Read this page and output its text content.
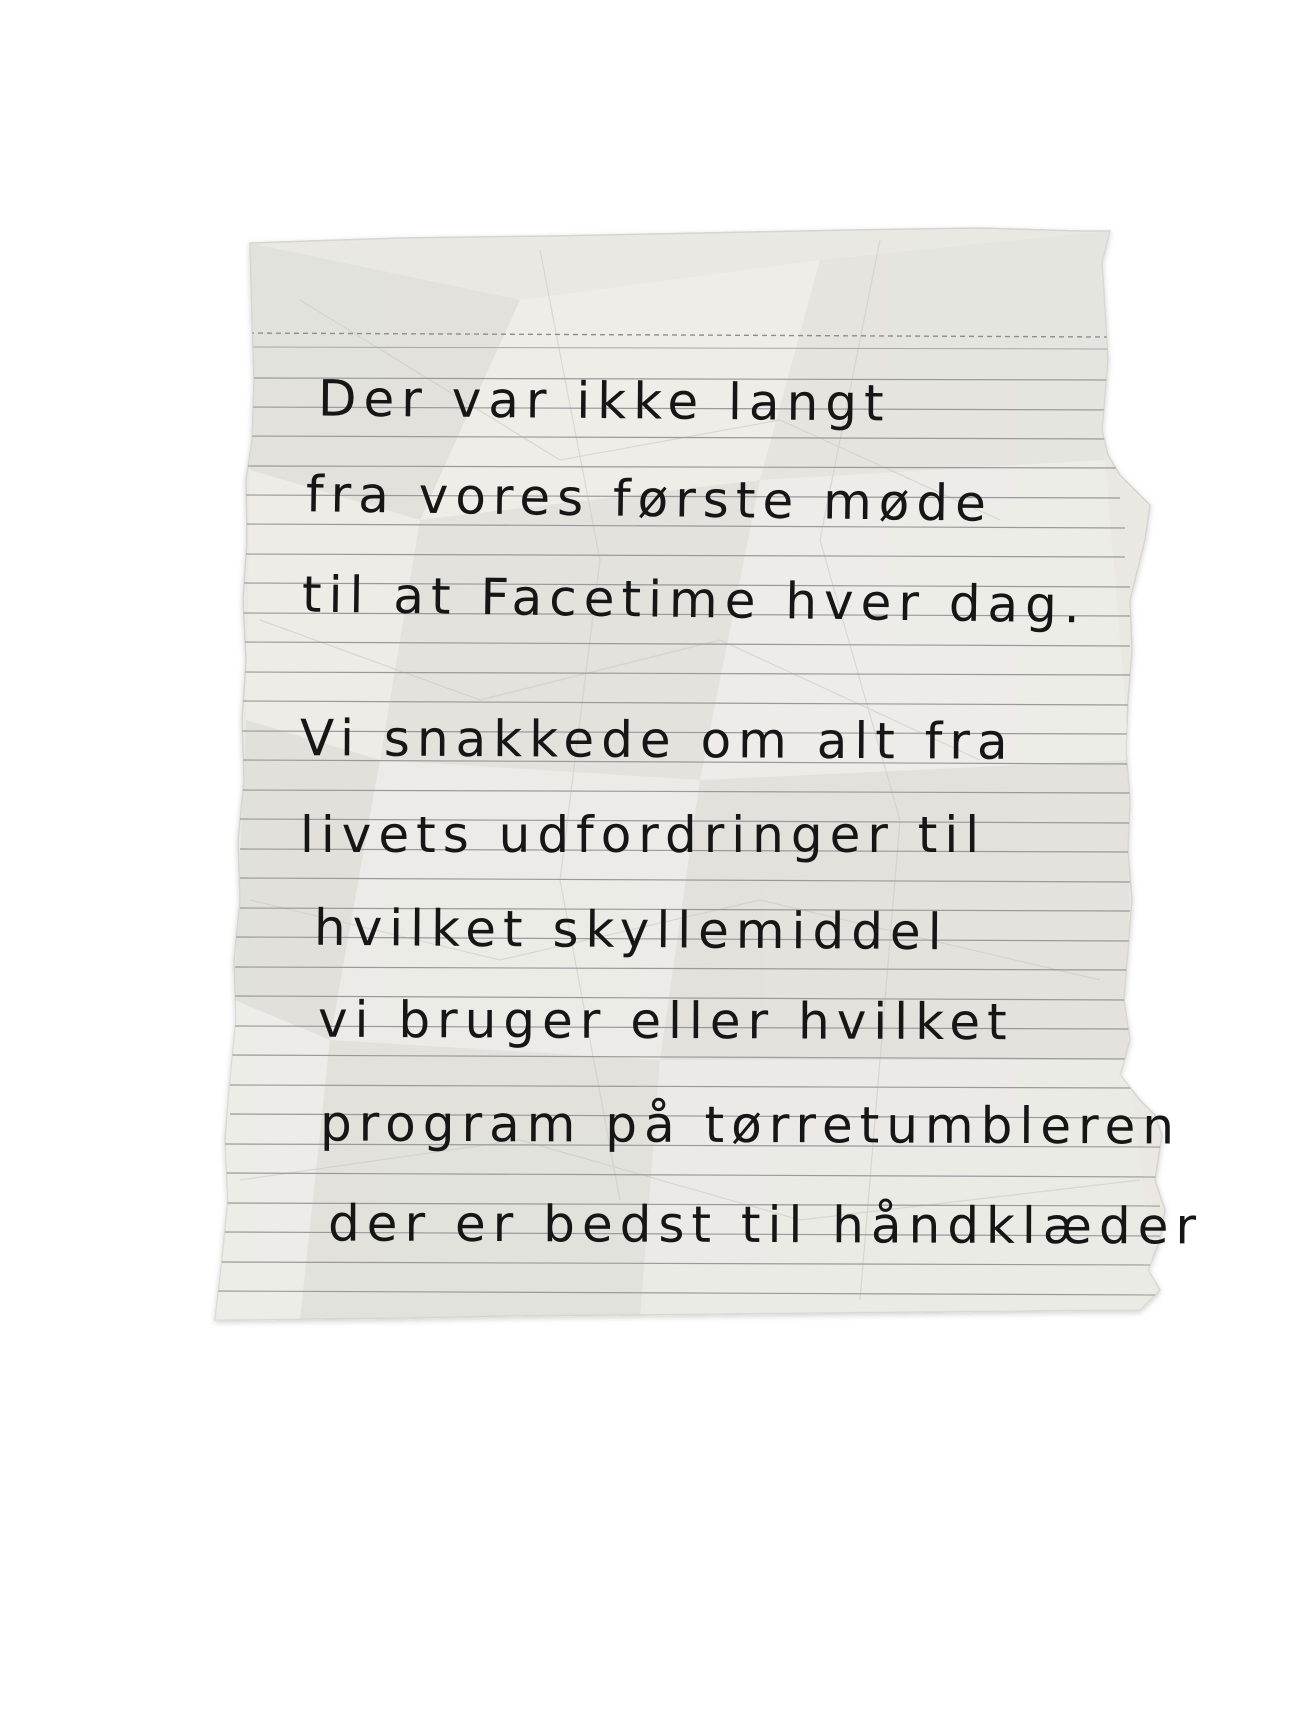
Der var ikke langt
fra vores første møde
til at Facetime hver dag.
Vi snakkede om alt fra
livets udfordringer til
hvilket skyllemiddel
vi bruger eller hvilket
program på tørretumbleren
der er bedst til håndklæder
